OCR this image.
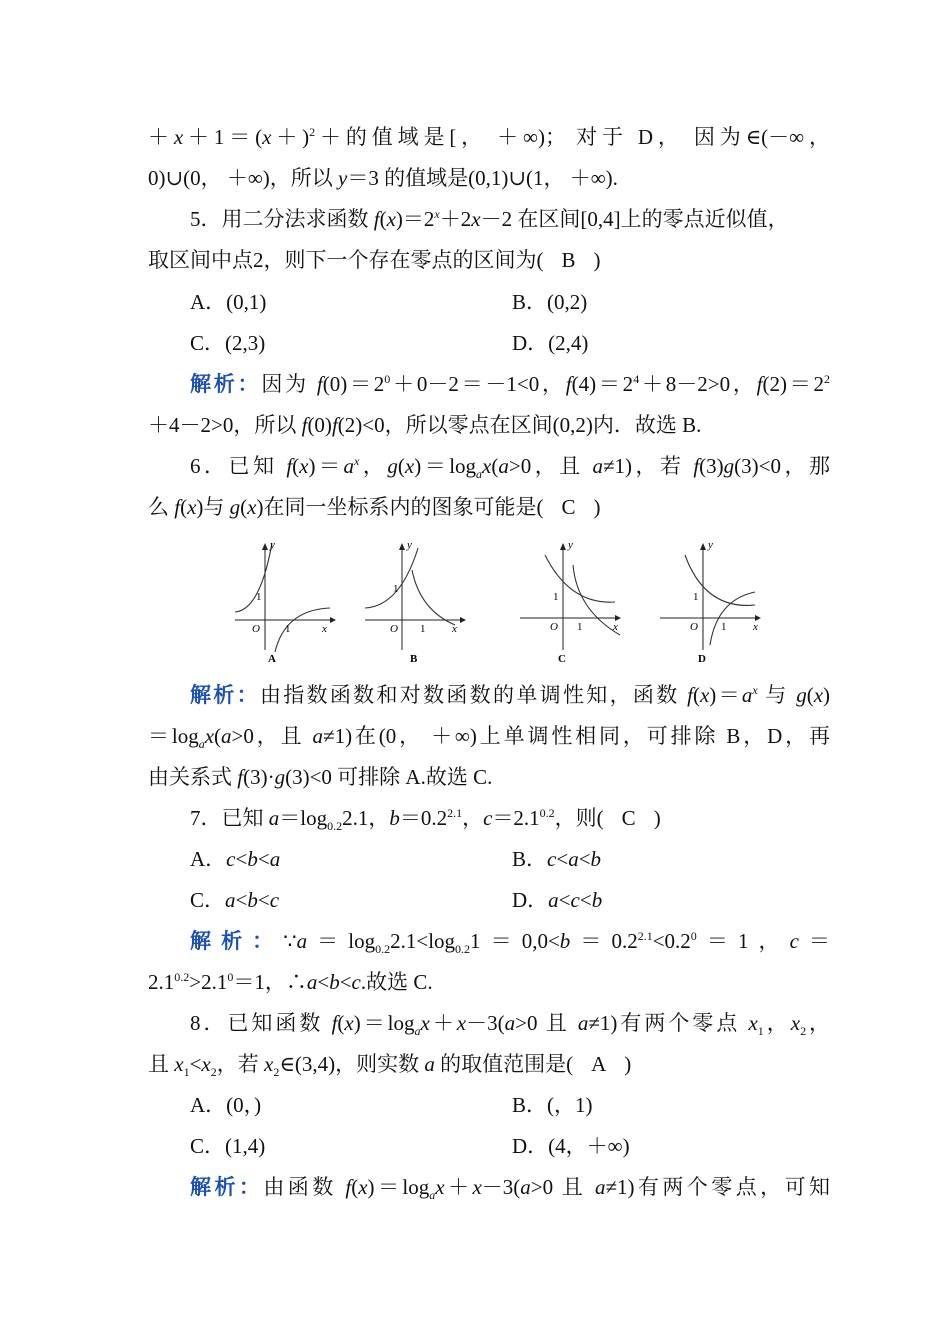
$+x+1=(x+)^2+$的值域是[， ＋∞)； 对于 D， 因为∈(－∞，
0)∪(0， ＋∞)，所以 y＝3 的值域是(0,1)∪(1， ＋∞).
5．用二分法求函数 $f(x)=2^x+2x-2$ 在区间[0,4]上的零点近似值，
取区间中点2，则下一个存在零点的区间为( B )
A．(0,1)	B．(0,2)
C．(2,3)	D．(2,4)
解析：因为 $f(0)=2^0+0-2=-1<0$，$f(4)=2^4+8-2>0$，$f(2)=2^2$
＋4－2>0，所以 f(0)f(2)<0，所以零点在区间(0,2)内．故选 B.
6．已知 $f(x)=a^x$，$g(x)=\log_ax(a>0$，且 a≠1)，若 f(3)g(3)<0，那
么 f(x)与 g(x)在同一坐标系内的图象可能是( C )
y
x
O
1
1
A
y
x
O
1
1
B
y
x
O
1
1
C
y
x
O
1
1
D
解析：由指数函数和对数函数的单调性知，函数 $f(x)=a^x$ 与 g(x)
$=\log_ax(a>0$，且 a≠1)在(0， ＋∞)上单调性相同，可排除 B，D，再
由关系式 f(3)·g(3)<0 可排除 A.故选 C.
7．已知 $a=\log_{0.2}2.1$，$b=0.2^{2.1}$，$c=2.1^{0.2}$，则( C )
A．c<b<a	B．c<a<b
C．a<b<c	D．a<c<b
解析：$\because a=\log_{0.2}2.1<\log_{0.2}1=0,0<b=0.2^{2.1}<0.2^0=1$，c＝
$2.1^{0.2}>2.1^0=1$，∴a<b<c.故选 C.
8．已知函数 $f(x)=\log_ax+x-3(a>0$ 且 a≠1)有两个零点 $x_1$，$x_2$，
且 $x_1<x_2$，若 $x_2\in(3,4)$，则实数 a 的取值范围是( A )
A．(0，)	B．(，1)
C．(1,4)	D．(4，＋∞)
解析：由函数 $f(x)=\log_ax+x-3(a>0$ 且 a≠1)有两个零点，可知
